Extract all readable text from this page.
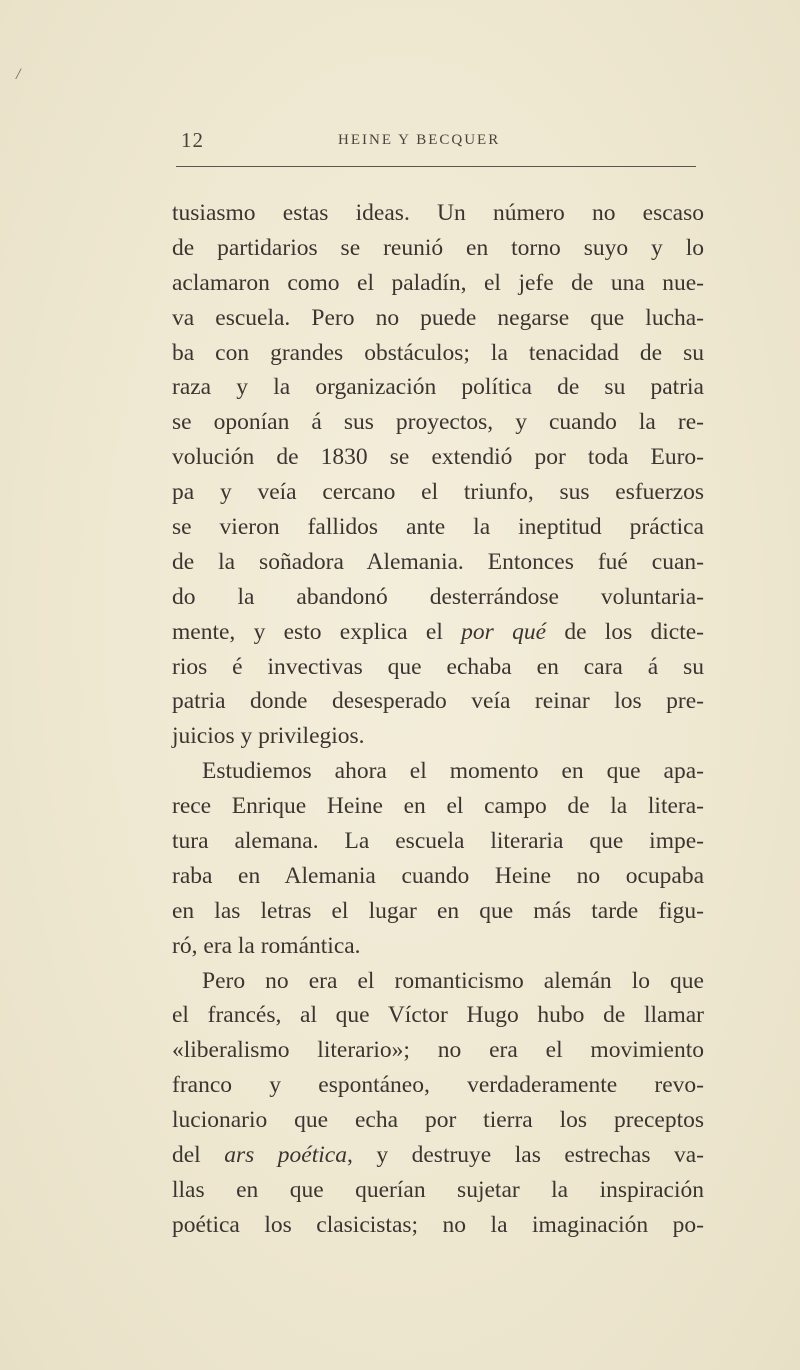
/
12	HEINE Y BECQUER
tusiasmo estas ideas. Un número no escaso
de partidarios se reunió en torno suyo y lo
aclamaron como el paladín, el jefe de una nue-
va escuela. Pero no puede negarse que lucha-
ba con grandes obstáculos; la tenacidad de su
raza y la organización política de su patria
se oponían á sus proyectos, y cuando la re-
volución de 1830 se extendió por toda Euro-
pa y veía cercano el triunfo, sus esfuerzos
se vieron fallidos ante la ineptitud práctica
de la soñadora Alemania. Entonces fué cuan-
do la abandonó desterrándose voluntaria-
mente, y esto explica el por qué de los dicte-
rios é invectivas que echaba en cara á su
patria donde desesperado veía reinar los pre-
juicios y privilegios.
Estudiemos ahora el momento en que apa-
rece Enrique Heine en el campo de la litera-
tura alemana. La escuela literaria que impe-
raba en Alemania cuando Heine no ocupaba
en las letras el lugar en que más tarde figu-
ró, era la romántica.
Pero no era el romanticismo alemán lo que
el francés, al que Víctor Hugo hubo de llamar
«liberalismo literario»; no era el movimiento
franco y espontáneo, verdaderamente revo-
lucionario que echa por tierra los preceptos
del ars poética, y destruye las estrechas va-
llas en que querían sujetar la inspiración
poética los clasicistas; no la imaginación po-
